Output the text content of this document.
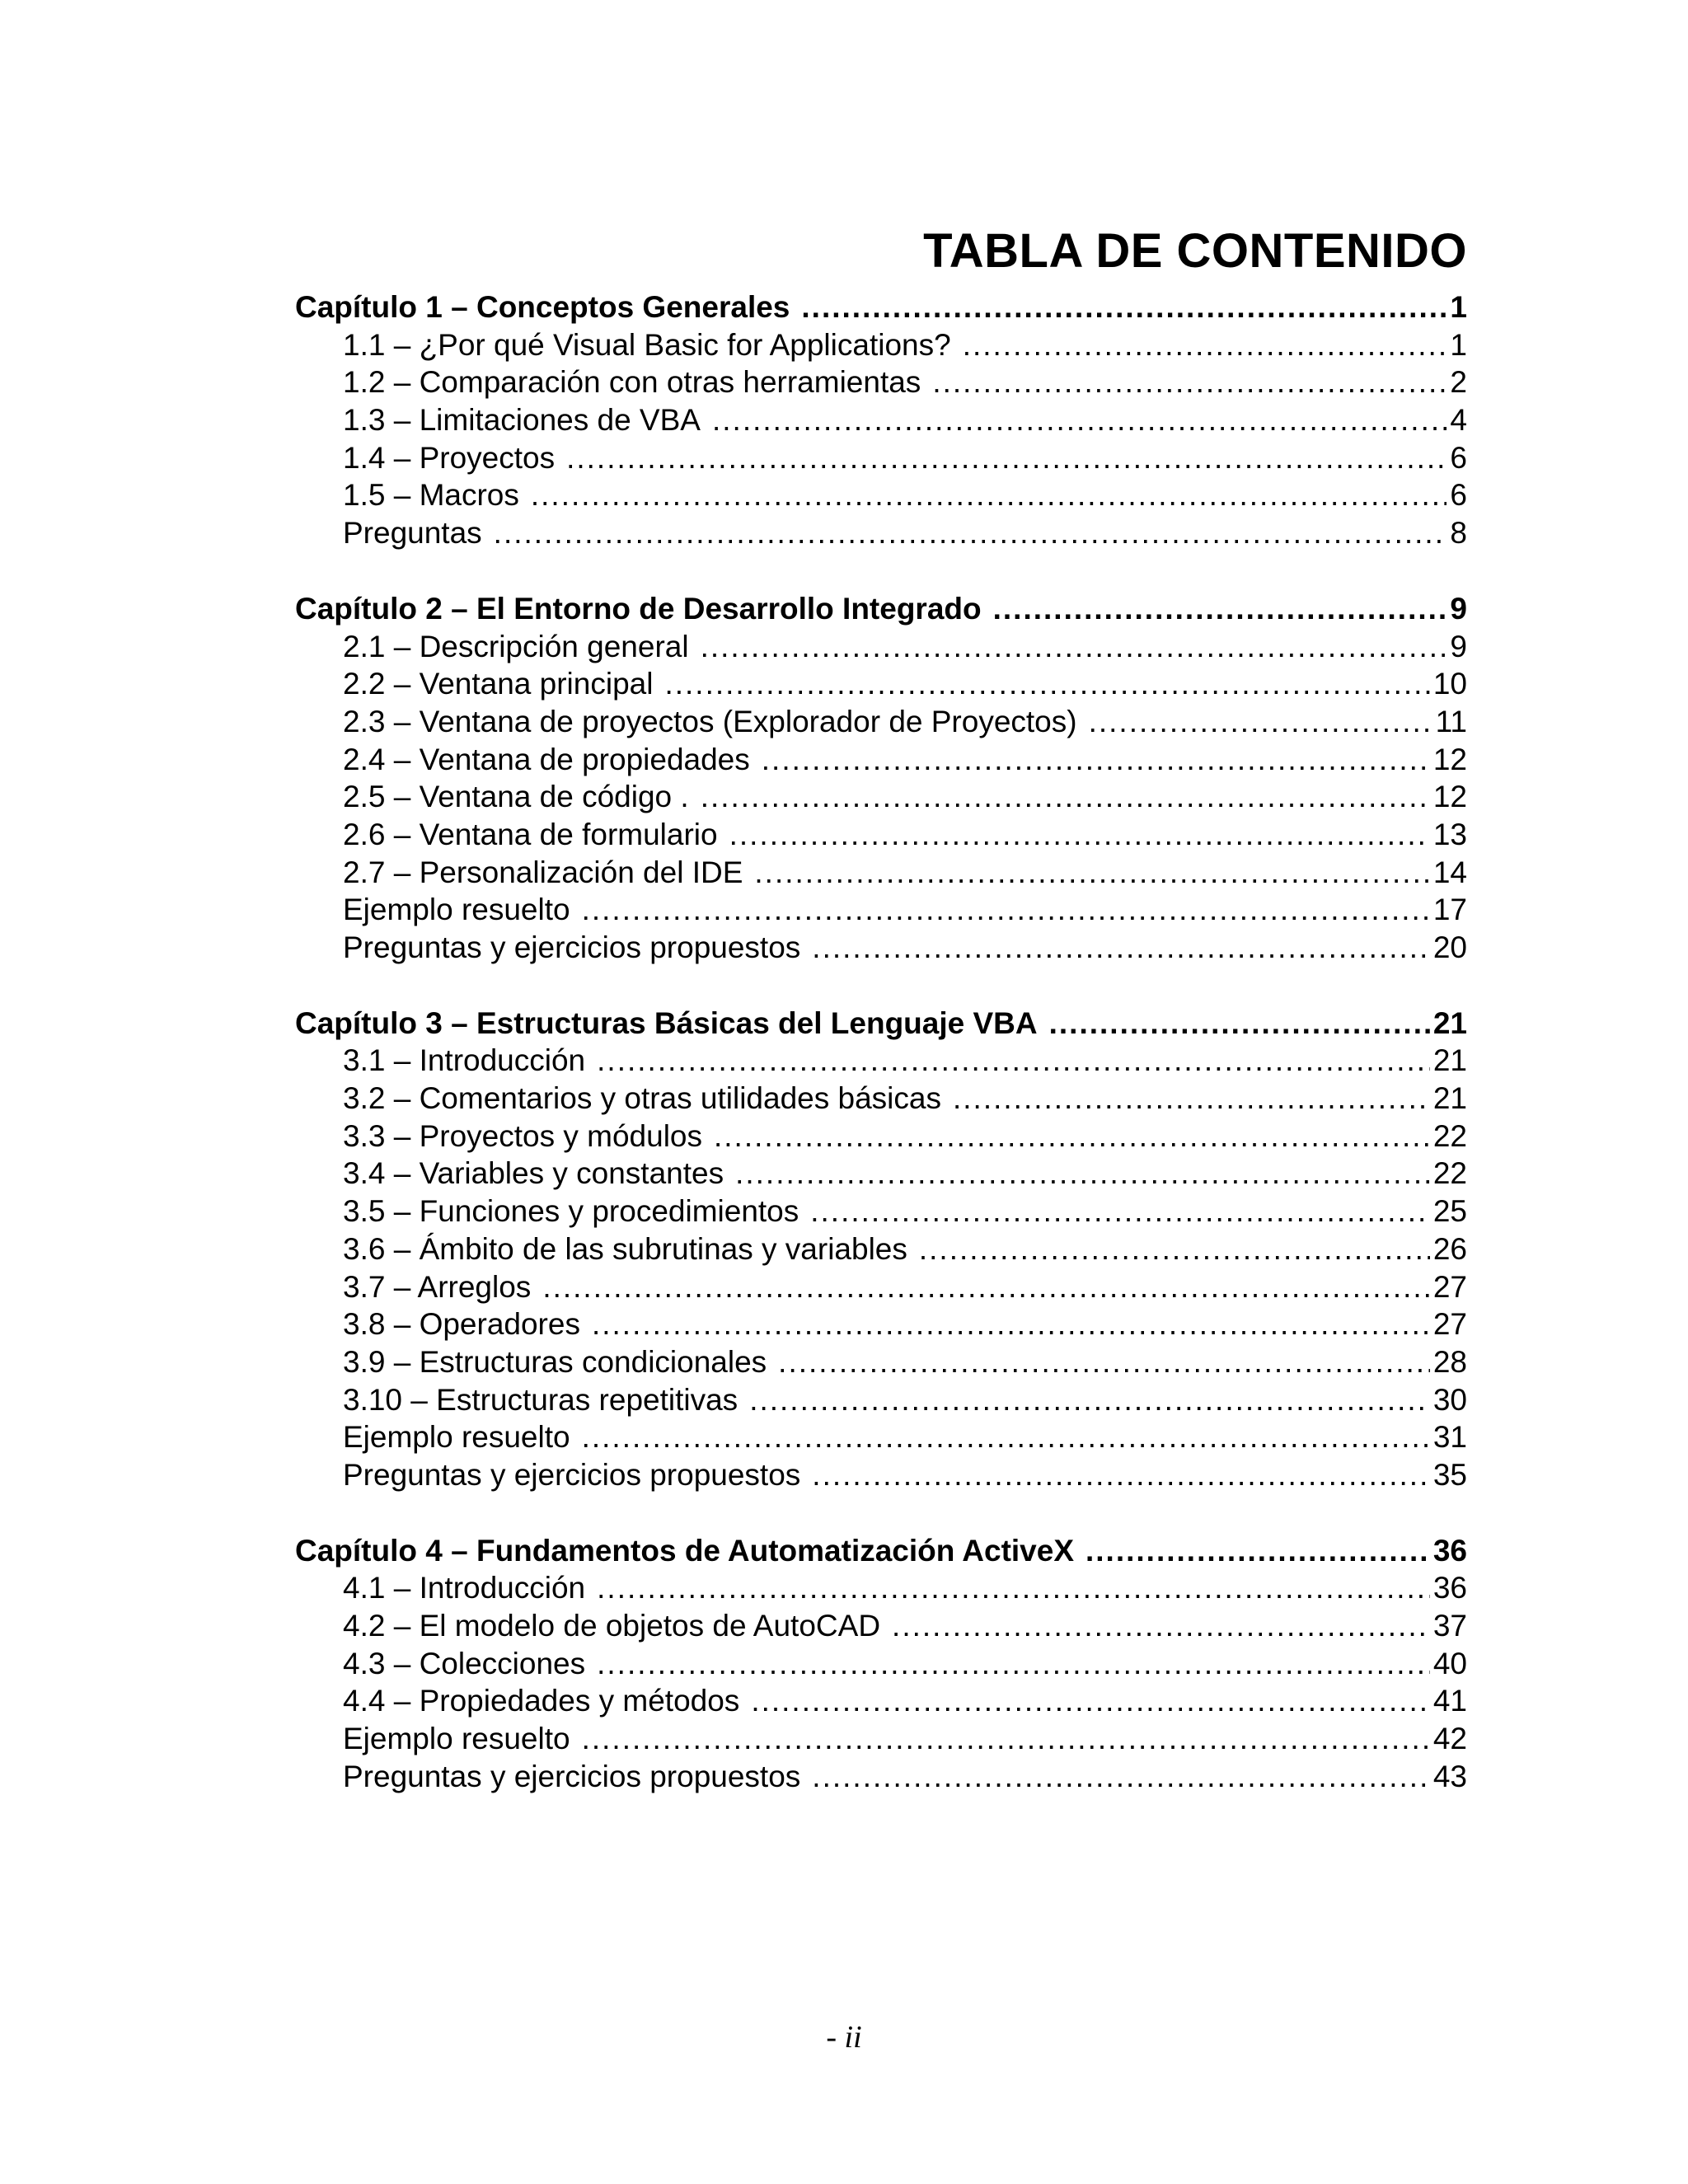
TABLA DE CONTENIDO
Capítulo 1 – Conceptos Generales .....	1
1.1 – ¿Por qué Visual Basic for Applications? .....	1
1.2 – Comparación con otras herramientas .....	2
1.3 – Limitaciones de VBA .....	4
1.4 – Proyectos .....	6
1.5 – Macros .....	6
Preguntas .....	8
Capítulo 2 – El Entorno de Desarrollo Integrado .....	9
2.1 – Descripción general .....	9
2.2 – Ventana principal .....	10
2.3 – Ventana de proyectos (Explorador de Proyectos) .....	11
2.4 – Ventana de propiedades .....	12
2.5 – Ventana de código . .....	12
2.6 – Ventana de formulario .....	13
2.7 – Personalización del IDE .....	14
Ejemplo resuelto .....	17
Preguntas y ejercicios propuestos .....	20
Capítulo 3 – Estructuras Básicas del Lenguaje VBA .....	21
3.1 – Introducción .....	21
3.2 – Comentarios y otras utilidades básicas .....	21
3.3 – Proyectos y módulos .....	22
3.4 – Variables y constantes .....	22
3.5 – Funciones y procedimientos .....	25
3.6 – Ámbito de las subrutinas y variables .....	26
3.7 – Arreglos .....	27
3.8 – Operadores .....	27
3.9 – Estructuras condicionales .....	28
3.10 – Estructuras repetitivas .....	30
Ejemplo resuelto .....	31
Preguntas y ejercicios propuestos .....	35
Capítulo 4 – Fundamentos de Automatización ActiveX .....	36
4.1 – Introducción .....	36
4.2 – El modelo de objetos de AutoCAD .....	37
4.3 – Colecciones .....	40
4.4 – Propiedades y métodos .....	41
Ejemplo resuelto .....	42
Preguntas y ejercicios propuestos .....	43
- ii
